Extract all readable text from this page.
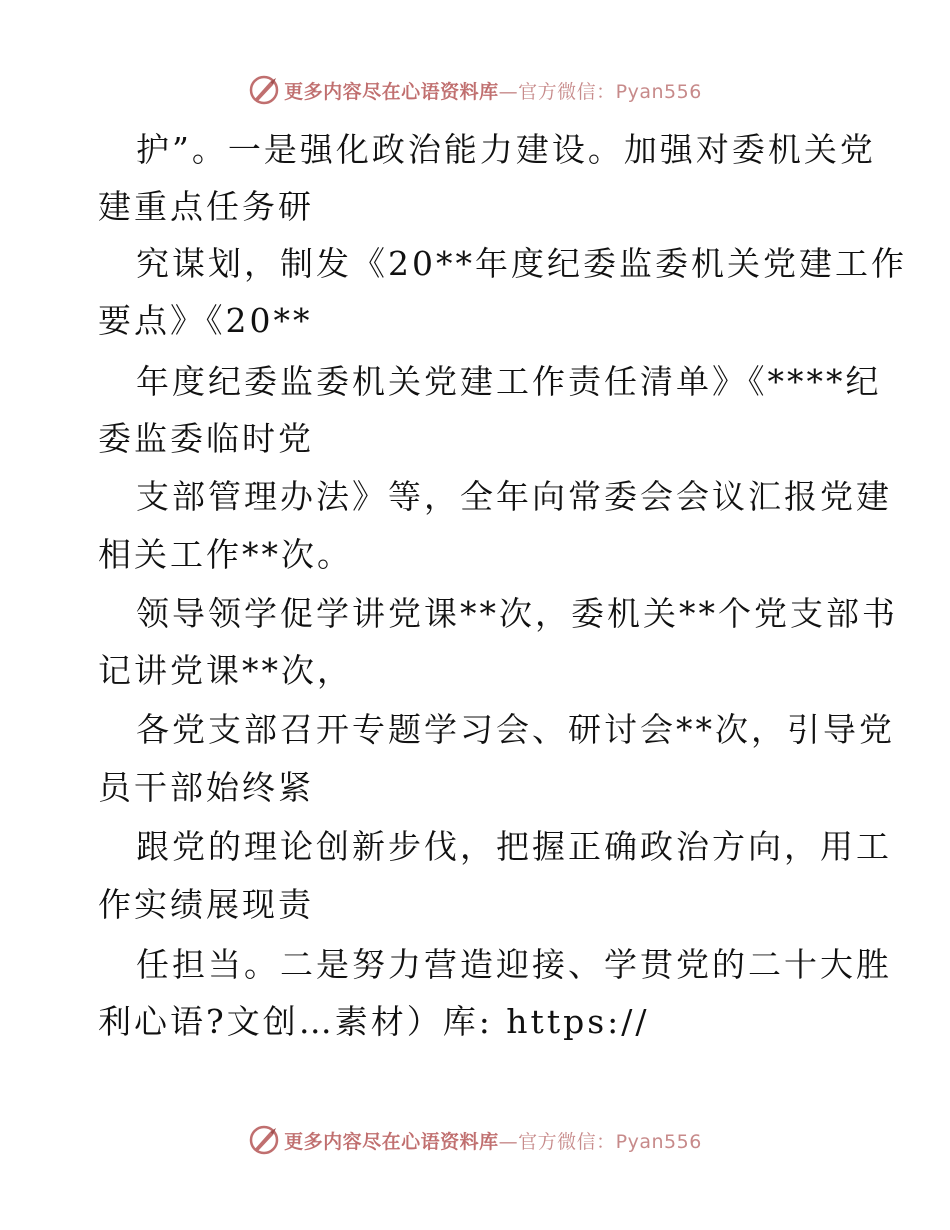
更多内容尽在心语资料库—官方微信：Pyan556
护”。一是强化政治能力建设。加强对委机关党
建重点任务研
究谋划，制发《20**年度纪委监委机关党建工作
要点》《20**
年度纪委监委机关党建工作责任清单》《****纪
委监委临时党
支部管理办法》等，全年向常委会会议汇报党建
相关工作**次。
领导领学促学讲党课**次，委机关**个党支部书
记讲党课**次，
各党支部召开专题学习会、研讨会**次，引导党
员干部始终紧
跟党的理论创新步伐，把握正确政治方向，用工
作实绩展现责
任担当。二是努力营造迎接、学贯党的二十大胜
利心语?文创…素材）库: https://
更多内容尽在心语资料库—官方微信：Pyan556
